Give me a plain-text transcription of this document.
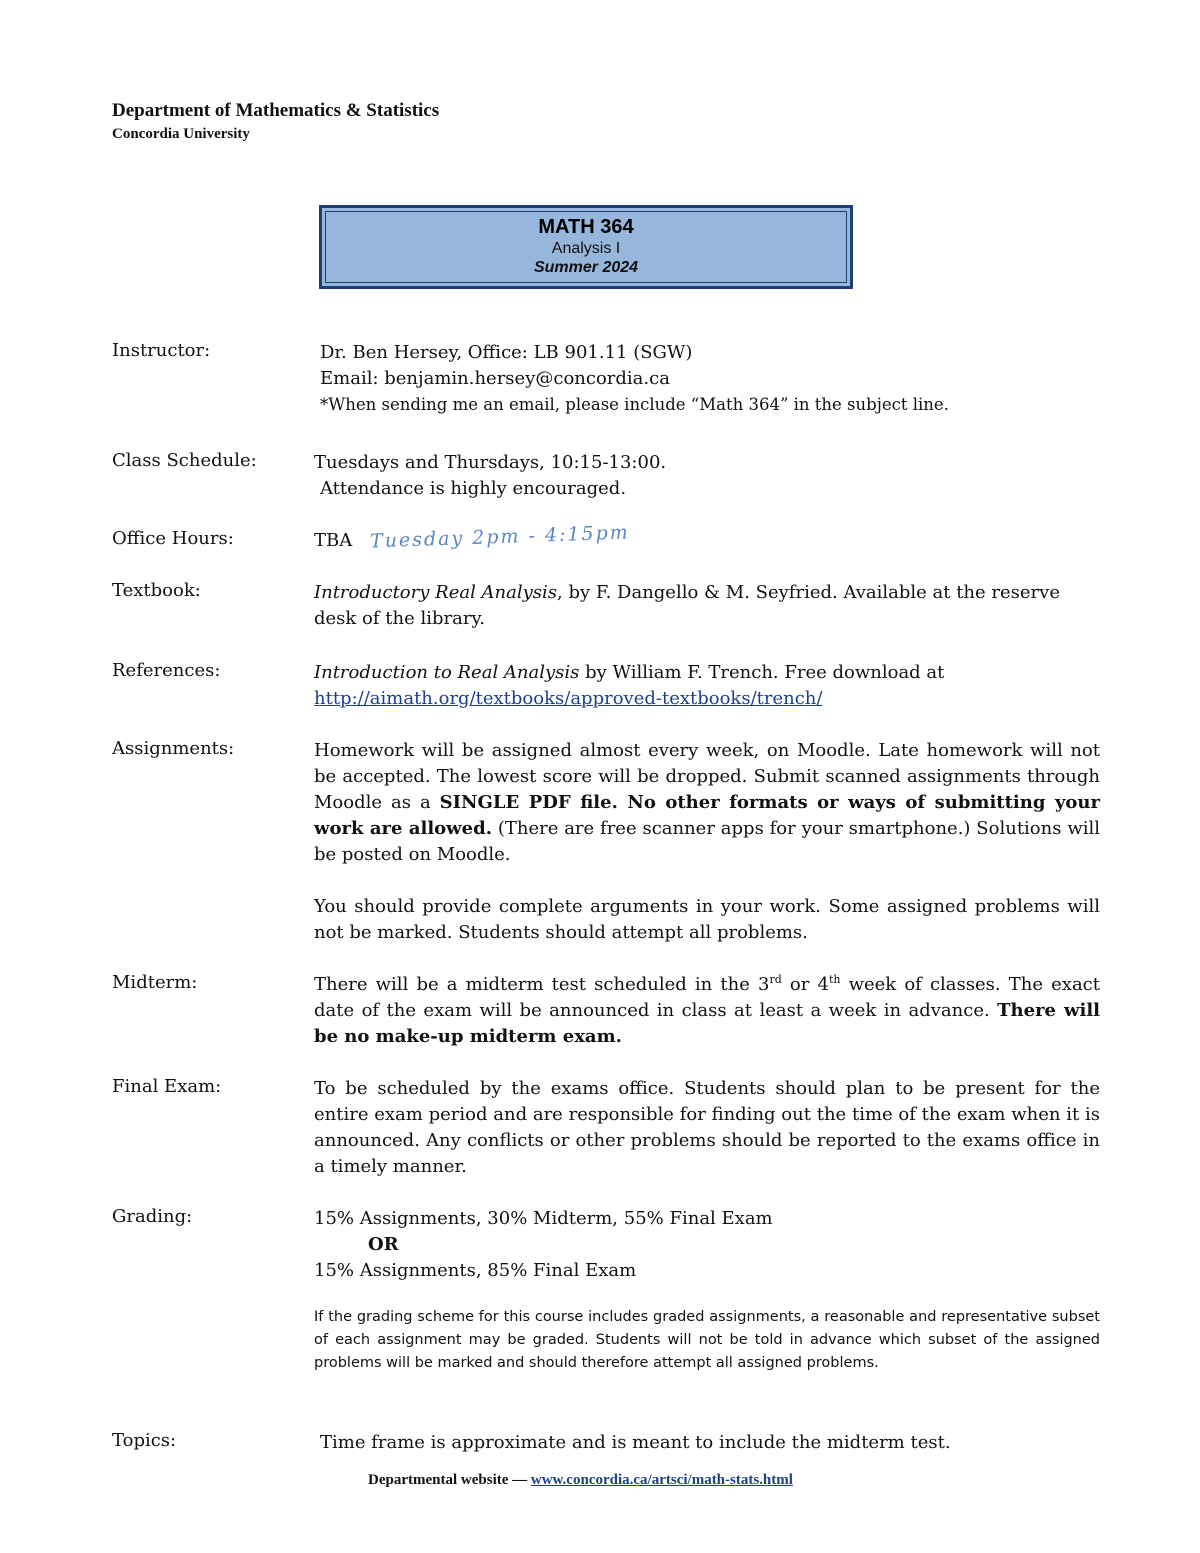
Department of Mathematics & Statistics
Concordia University
MATH 364
Analysis I
Summer 2024
Instructor:	Dr. Ben Hersey, Office: LB 901.11 (SGW)
Email: benjamin.hersey@concordia.ca
*When sending me an email, please include “Math 364” in the subject line.
Class Schedule:	Tuesdays and Thursdays, 10:15-13:00.
Attendance is highly encouraged.
Office Hours:	TBA Tuesday 2pm - 4:15pm
Textbook:	Introductory Real Analysis, by F. Dangello & M. Seyfried. Available at the reserve desk of the library.
References:	Introduction to Real Analysis by William F. Trench. Free download at
http://aimath.org/textbooks/approved-textbooks/trench/
Assignments:	Homework will be assigned almost every week, on Moodle. Late homework will not be accepted. The lowest score will be dropped. Submit scanned assignments through Moodle as a SINGLE PDF file. No other formats or ways of submitting your work are allowed. (There are free scanner apps for your smartphone.) Solutions will be posted on Moodle.
You should provide complete arguments in your work. Some assigned problems will not be marked. Students should attempt all problems.
Midterm:	There will be a midterm test scheduled in the 3rd or 4th week of classes. The exact date of the exam will be announced in class at least a week in advance. There will be no make-up midterm exam.
Final Exam:	To be scheduled by the exams office. Students should plan to be present for the entire exam period and are responsible for finding out the time of the exam when it is announced. Any conflicts or other problems should be reported to the exams office in a timely manner.
Grading:	15% Assignments, 30% Midterm, 55% Final Exam
OR
15% Assignments, 85% Final Exam
If the grading scheme for this course includes graded assignments, a reasonable and representative subset of each assignment may be graded. Students will not be told in advance which subset of the assigned problems will be marked and should therefore attempt all assigned problems.
Topics:	Time frame is approximate and is meant to include the midterm test.
Departmental website — www.concordia.ca/artsci/math-stats.html
